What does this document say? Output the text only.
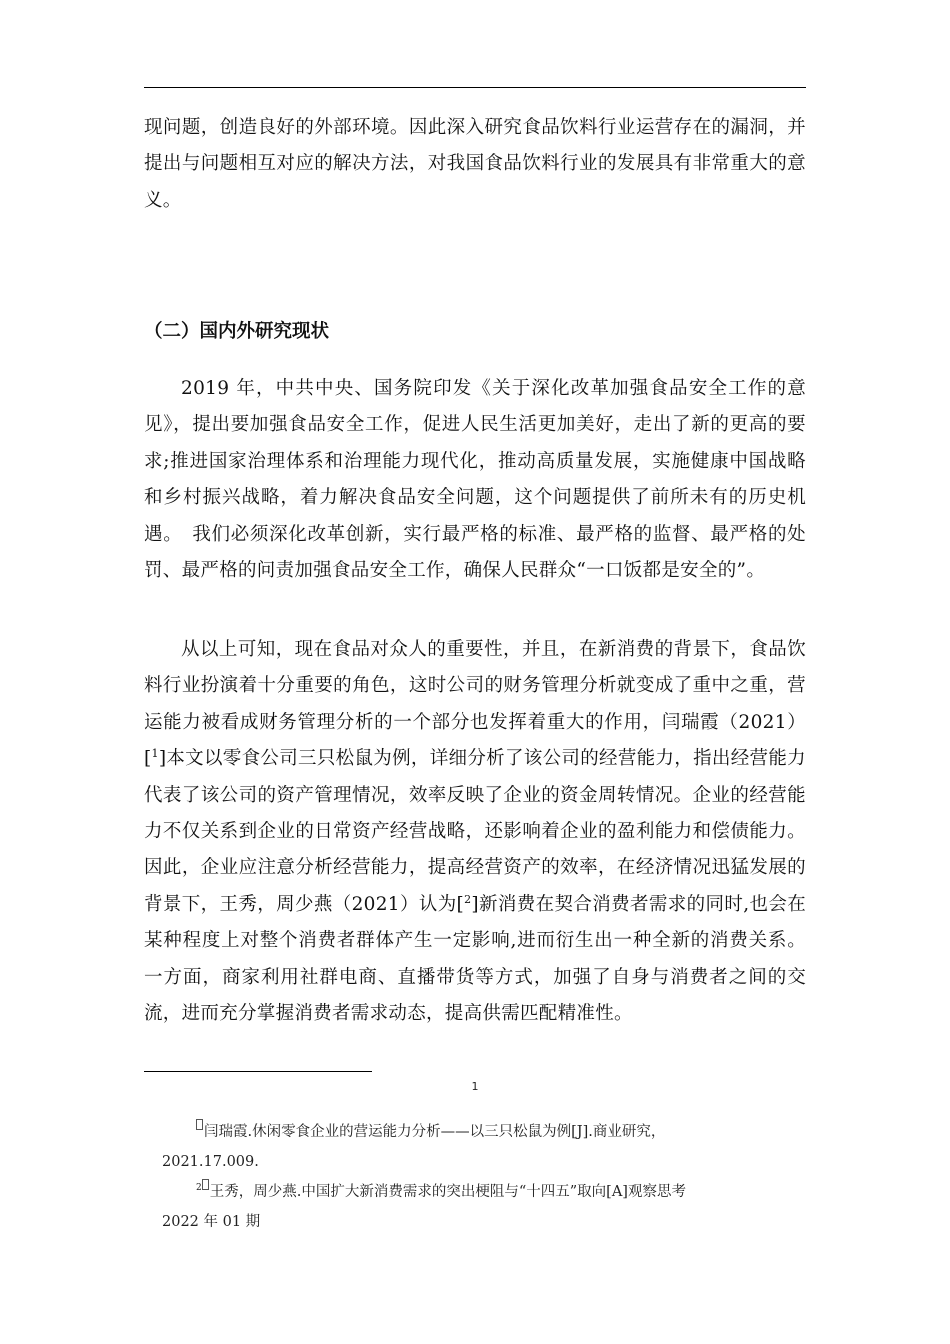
现问题，创造良好的外部环境。因此深入研究食品饮料行业运营存在的漏洞，并提出与问题相互对应的解决方法，对我国食品饮料行业的发展具有非常重大的意义。

（二）国内外研究现状

2019 年，中共中央、国务院印发《关于深化改革加强食品安全工作的意见》，提出要加强食品安全工作，促进人民生活更加美好，走出了新的更高的要求;推进国家治理体系和治理能力现代化，推动高质量发展，实施健康中国战略和乡村振兴战略，着力解决食品安全问题，这个问题提供了前所未有的历史机遇。　我们必须深化改革创新，实行最严格的标准、最严格的监督、最严格的处罚、最严格的问责加强食品安全工作，确保人民群众“一口饭都是安全的”。

从以上可知，现在食品对众人的重要性，并且，在新消费的背景下，食品饮料行业扮演着十分重要的角色，这时公司的财务管理分析就变成了重中之重，营运能力被看成财务管理分析的一个部分也发挥着重大的作用，闫瑞霞（2021）[$^1$]本文以零食公司三只松鼠为例，详细分析了该公司的经营能力，指出经营能力代表了该公司的资产管理情况，效率反映了企业的资金周转情况。企业的经营能力不仅关系到企业的日常资产经营战略，还影响着企业的盈利能力和偿债能力。因此，企业应注意分析经营能力，提高经营资产的效率，在经济情况迅猛发展的背景下，王秀，周少燕（2021）认为[$^2$]新消费在契合消费者需求的同时,也会在某种程度上对整个消费者群体产生一定影响,进而衍生出一种全新的消费关系。一方面，商家利用社群电商、直播带货等方式，加强了自身与消费者之间的交流，进而充分掌握消费者需求动态，提高供需匹配精准性。

1

闫瑞霞.休闲零食企业的营运能力分析——以三只松鼠为例[J].商业研究，
2021.17.009.

$^2$ 王秀，周少燕.中国扩大新消费需求的突出梗阻与“十四五”取向[A]观察思考
2022 年 01 期
